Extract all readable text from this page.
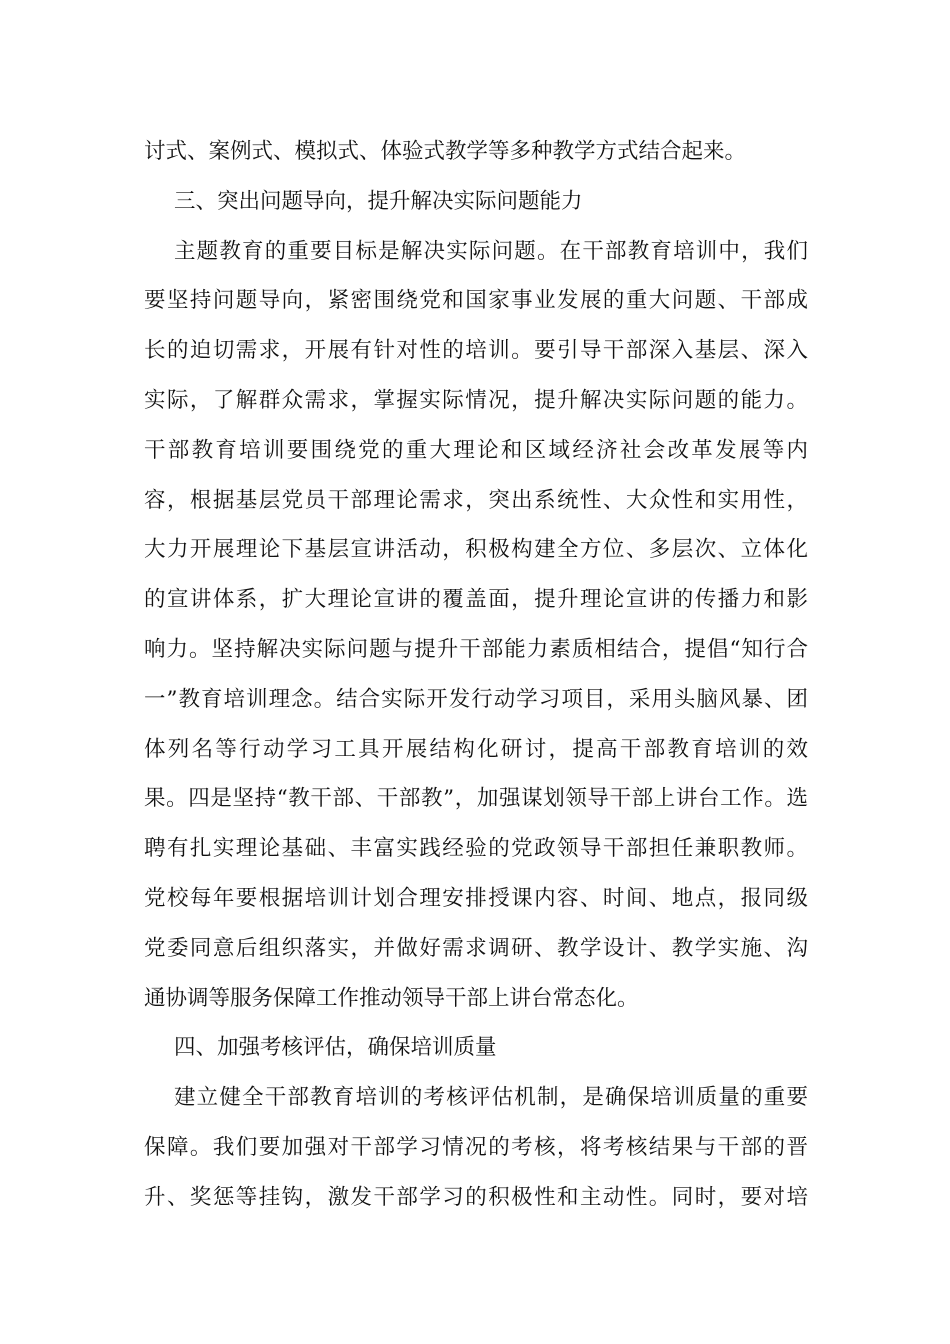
讨式、案例式、模拟式、体验式教学等多种教学方式结合起来。
三、突出问题导向，提升解决实际问题能力
主题教育的重要目标是解决实际问题。在干部教育培训中，我们
要坚持问题导向，紧密围绕党和国家事业发展的重大问题、干部成
长的迫切需求，开展有针对性的培训。要引导干部深入基层、深入
实际，了解群众需求，掌握实际情况，提升解决实际问题的能力。
干部教育培训要围绕党的重大理论和区域经济社会改革发展等内
容，根据基层党员干部理论需求，突出系统性、大众性和实用性，
大力开展理论下基层宣讲活动，积极构建全方位、多层次、立体化
的宣讲体系，扩大理论宣讲的覆盖面，提升理论宣讲的传播力和影
响力。坚持解决实际问题与提升干部能力素质相结合，提倡“知行合
一”教育培训理念。结合实际开发行动学习项目，采用头脑风暴、团
体列名等行动学习工具开展结构化研讨，提高干部教育培训的效
果。四是坚持“教干部、干部教”，加强谋划领导干部上讲台工作。选
聘有扎实理论基础、丰富实践经验的党政领导干部担任兼职教师。
党校每年要根据培训计划合理安排授课内容、时间、地点，报同级
党委同意后组织落实，并做好需求调研、教学设计、教学实施、沟
通协调等服务保障工作推动领导干部上讲台常态化。
四、加强考核评估，确保培训质量
建立健全干部教育培训的考核评估机制，是确保培训质量的重要
保障。我们要加强对干部学习情况的考核，将考核结果与干部的晋
升、奖惩等挂钩，激发干部学习的积极性和主动性。同时，要对培
